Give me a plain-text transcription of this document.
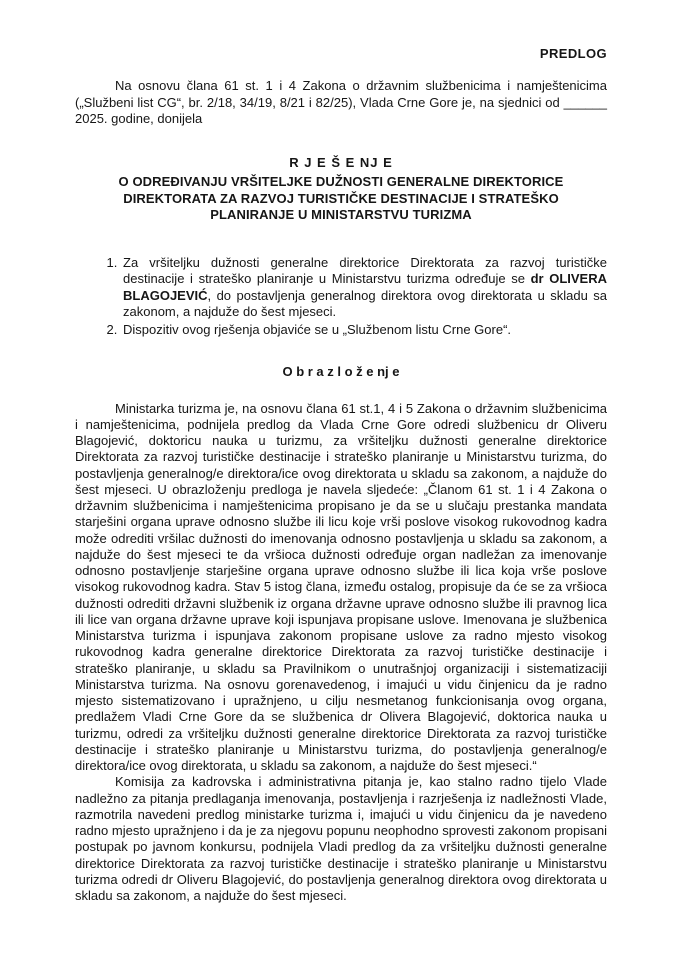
PREDLOG

Na osnovu člana 61 st. 1 i 4 Zakona o državnim službenicima i namještenicima („Službeni list CG“, br. 2/18, 34/19, 8/21 i 82/25), Vlada Crne Gore je, na sjednici od ______ 2025. godine, donijela

R J E Š E NJ E
O ODREĐIVANJU VRŠITELJKE DUŽNOSTI GENERALNE DIREKTORICE DIREKTORATA ZA RAZVOJ TURISTIČKE DESTINACIJE I STRATEŠKO PLANIRANJE U MINISTARSTVU TURIZMA
1. Za vršiteljku dužnosti generalne direktorice Direktorata za razvoj turističke destinacije i strateško planiranje u Ministarstvu turizma određuje se dr OLIVERA BLAGOJEVIĆ, do postavljenja generalnog direktora ovog direktorata u skladu sa zakonom, a najduže do šest mjeseci.
2. Dispozitiv ovog rješenja objaviće se u „Službenom listu Crne Gore“.
O b r a z l o ž e nj e

Ministarka turizma je, na osnovu člana 61 st.1, 4 i 5 Zakona o državnim službenicima i namještenicima, podnijela predlog da Vlada Crne Gore odredi službenicu dr Oliveru Blagojević, doktoricu nauka u turizmu, za vršiteljku dužnosti generalne direktorice Direktorata za razvoj turističke destinacije i strateško planiranje u Ministarstvu turizma, do postavljenja generalnog/e direktora/ice ovog direktorata u skladu sa zakonom, a najduže do šest mjeseci. U obrazloženju predloga je navela sljedeće: „Članom 61 st. 1 i 4 Zakona o državnim službenicima i namještenicima propisano je da se u slučaju prestanka mandata starješini organa uprave odnosno službe ili licu koje vrši poslove visokog rukovodnog kadra može odrediti vršilac dužnosti do imenovanja odnosno postavljenja u skladu sa zakonom, a najduže do šest mjeseci te da vršioca dužnosti određuje organ nadležan za imenovanje odnosno postavljenje starješine organa uprave odnosno službe ili lica koja vrše poslove visokog rukovodnog kadra. Stav 5 istog člana, između ostalog, propisuje da će se za vršioca dužnosti odrediti državni službenik iz organa državne uprave odnosno službe ili pravnog lica ili lice van organa državne uprave koji ispunjava propisane uslove. Imenovana je službenica Ministarstva turizma i ispunjava zakonom propisane uslove za radno mjesto visokog rukovodnog kadra generalne direktorice Direktorata za razvoj turističke destinacije i strateško planiranje, u skladu sa Pravilnikom o unutrašnjoj organizaciji i sistematizaciji Ministarstva turizma. Na osnovu gorenavedenog, i imajući u vidu činjenicu da je radno mjesto sistematizovano i upražnjeno, u cilju nesmetanog funkcionisanja ovog organa, predlažem Vladi Crne Gore da se službenica dr Olivera Blagojević, doktorica nauka u turizmu, odredi za vršiteljku dužnosti generalne direktorice Direktorata za razvoj turističke destinacije i strateško planiranje u Ministarstvu turizma, do postavljenja generalnog/e direktora/ice ovog direktorata, u skladu sa zakonom, a najduže do šest mjeseci.“

Komisija za kadrovska i administrativna pitanja je, kao stalno radno tijelo Vlade nadležno za pitanja predlaganja imenovanja, postavljenja i razrješenja iz nadležnosti Vlade, razmotrila navedeni predlog ministarke turizma i, imajući u vidu činjenicu da je navedeno radno mjesto upražnjeno i da je za njegovu popunu neophodno sprovesti zakonom propisani postupak po javnom konkursu, podnijela Vladi predlog da za vršiteljku dužnosti generalne direktorice Direktorata za razvoj turističke destinacije i strateško planiranje u Ministarstvu turizma odredi dr Oliveru Blagojević, do postavljenja generalnog direktora ovog direktorata u skladu sa zakonom, a najduže do šest mjeseci.
